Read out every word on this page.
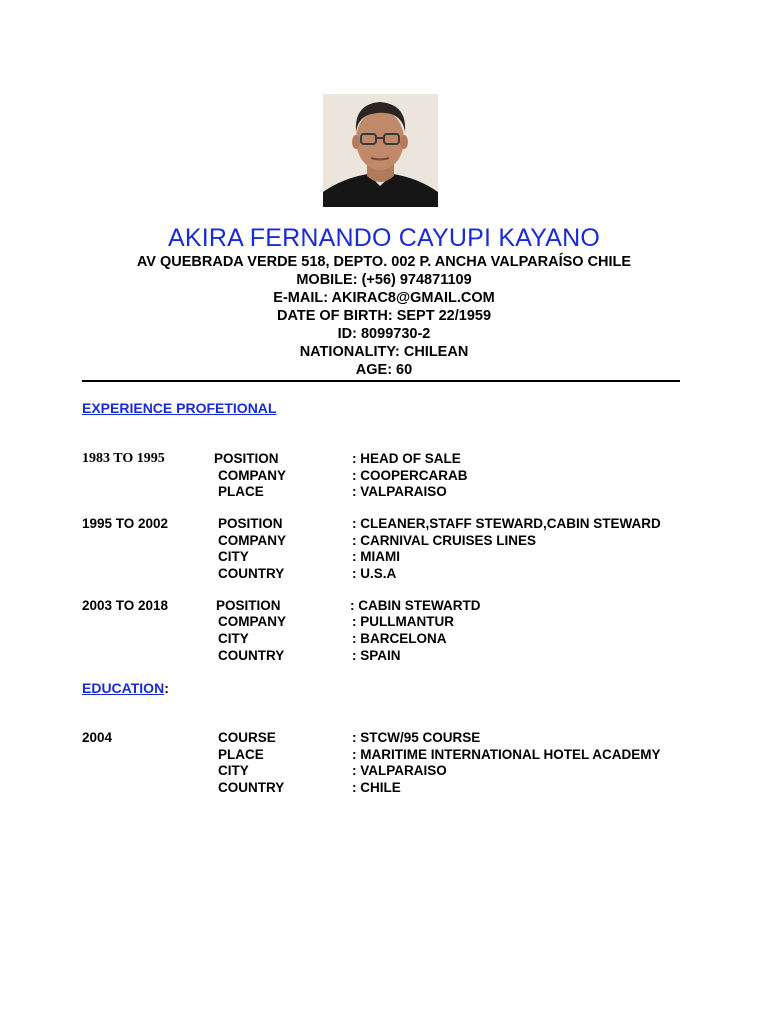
AKIRA FERNANDO CAYUPI KAYANO
AV QUEBRADA VERDE 518, DEPTO. 002 P. ANCHA VALPARAÍSO CHILE
MOBILE: (+56) 974871109
E-MAIL: AKIRAC8@GMAIL.COM
DATE OF BIRTH: SEPT 22/1959
ID: 8099730-2
NATIONALITY: CHILEAN
AGE: 60
EXPERIENCE PROFETIONAL
1983 TO 1995	POSITION	: HEAD OF SALE
COMPANY	: COOPERCARAB
PLACE	: VALPARAISO
1995 TO 2002	POSITION	: CLEANER,STAFF STEWARD,CABIN STEWARD
COMPANY	: CARNIVAL CRUISES LINES
CITY	: MIAMI
COUNTRY	: U.S.A
2003 TO 2018	POSITION	: CABIN STEWARTD
COMPANY	: PULLMANTUR
CITY	: BARCELONA
COUNTRY	: SPAIN
EDUCATION:
2004	COURSE	: STCW/95 COURSE
PLACE	: MARITIME INTERNATIONAL HOTEL ACADEMY
CITY	: VALPARAISO
COUNTRY	: CHILE
